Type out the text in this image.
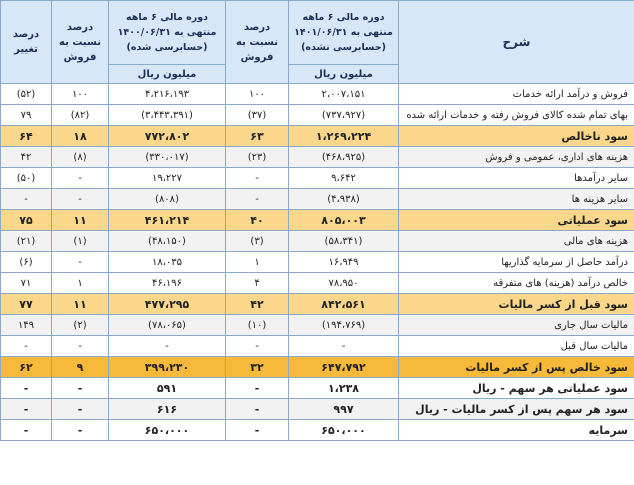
شرح	دوره مالی ۶ ماهه منتهی به ۱۴۰۱/۰۶/۳۱ (حسابرسی نشده)	درصد نسبت به فروش	دوره مالی ۶ ماهه منتهی به ۱۴۰۰/۰۶/۳۱ (حسابرسی شده)	درصد نسبت به فروش	درصد تغییر
	میلیون ریال		میلیون ریال		
فروش و درآمد ارائه خدمات	۲،۰۰۷،۱۵۱	۱۰۰	۴،۲۱۶،۱۹۳	۱۰۰	(۵۲)
بهای تمام شده کالای فروش رفته و خدمات ارائه شده	(۷۳۷،۹۲۷)	(۳۷)	(۳،۴۴۳،۳۹۱)	(۸۲)	۷۹
سود ناخالص	۱،۲۶۹،۲۲۴	۶۳	۷۷۲،۸۰۲	۱۸	۶۴
هزینه های اداری، عمومی و فروش	(۴۶۸،۹۲۵)	(۲۳)	(۳۳۰،۰۱۷)	(۸)	۴۲
سایر درآمدها	۹،۶۴۲	-	۱۹،۲۲۷	-	(۵۰)
سایر هزینه ها	(۴،۹۳۸)	-	(۸۰۸)	-	-
سود عملیاتی	۸۰۵،۰۰۳	۴۰	۴۶۱،۲۱۴	۱۱	۷۵
هزینه های مالی	(۵۸،۳۴۱)	(۳)	(۴۸،۱۵۰)	(۱)	(۲۱)
درآمد حاصل از سرمایه گذاریها	۱۶،۹۴۹	۱	۱۸،۰۳۵	-	(۶)
خالص درآمد (هزینه) های متفرقه	۷۸،۹۵۰	۴	۴۶،۱۹۶	۱	۷۱
سود قبل از کسر مالیات	۸۴۲،۵۶۱	۴۲	۴۷۷،۲۹۵	۱۱	۷۷
مالیات سال جاری	(۱۹۴،۷۶۹)	(۱۰)	(۷۸،۰۶۵)	(۲)	۱۴۹
مالیات سال قبل	-	-	-	-	-
سود خالص پس از کسر مالیات	۶۴۷،۷۹۲	۳۲	۳۹۹،۲۳۰	۹	۶۲
سود عملیاتی هر سهم - ریال	۱،۲۳۸	-	۵۹۱	-	-
سود هر سهم پس از کسر مالیات - ریال	۹۹۷	-	۶۱۶	-	-
سرمایه	۶۵۰،۰۰۰	-	۶۵۰،۰۰۰	-	-
